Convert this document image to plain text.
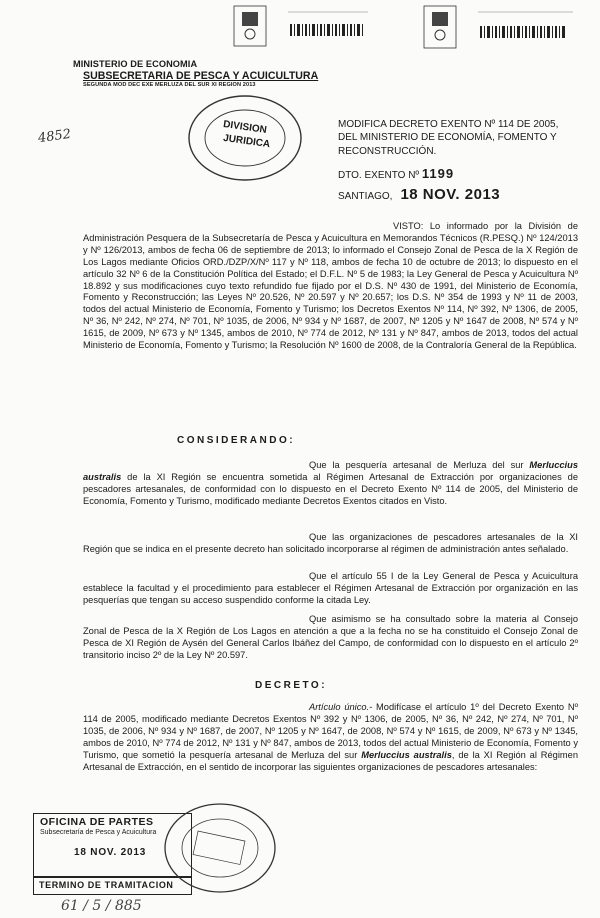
MINISTERIO DE ECONOMIA
SUBSECRETARIA DE PESCA Y ACUICULTURA
SEGUNDA MOD DEC EXE MERLUZA DEL SUR XI REGION 2013
4852	DIVISION
JURIDICA
MODIFICA DECRETO EXENTO Nº 114 DE 2005, DEL MINISTERIO DE ECONOMÍA, FOMENTO Y RECONSTRUCCIÓN.
DTO. EXENTO Nº 1199
SANTIAGO, 18 NOV. 2013

VISTO: Lo informado por la División de Administración Pesquera de la Subsecretaría de Pesca y Acuicultura en Memorandos Técnicos (R.PESQ.) Nº 124/2013 y Nº 126/2013, ambos de fecha 06 de septiembre de 2013; lo informado el Consejo Zonal de Pesca de la X Región de Los Lagos mediante Oficios ORD./DZP/X/Nº 117 y Nº 118, ambos de fecha 10 de octubre de 2013; lo dispuesto en el artículo 32 Nº 6 de la Constitución Política del Estado; el D.F.L. Nº 5 de 1983; la Ley General de Pesca y Acuicultura Nº 18.892 y sus modificaciones cuyo texto refundido fue fijado por el D.S. Nº 430 de 1991, del Ministerio de Economía, Fomento y Reconstrucción; las Leyes Nº 20.526, Nº 20.597 y Nº 20.657; los D.S. Nº 354 de 1993 y Nº 11 de 2003, todos del actual Ministerio de Economía, Fomento y Turismo; los Decretos Exentos Nº 114, Nº 392, Nº 1306, de 2005, Nº 36, Nº 242, Nº 274, Nº 701, Nº 1035, de 2006, Nº 934 y Nº 1687, de 2007, Nº 1205 y Nº 1647 de 2008, Nº 574 y Nº 1615, de 2009, Nº 673 y Nº 1345, ambos de 2010, Nº 774 de 2012, Nº 131 y Nº 847, ambos de 2013, todos del actual Ministerio de Economía, Fomento y Turismo; la Resolución Nº 1600 de 2008, de la Contraloría General de la República.

CONSIDERANDO:

Que la pesquería artesanal de Merluza del sur Merluccius australis de la XI Región se encuentra sometida al Régimen Artesanal de Extracción por organizaciones de pescadores artesanales, de conformidad con lo dispuesto en el Decreto Exento Nº 114 de 2005, del Ministerio de Economía, Fomento y Turismo, modificado mediante Decretos Exentos citados en Visto.

Que las organizaciones de pescadores artesanales de la XI Región que se indica en el presente decreto han solicitado incorporarse al régimen de administración antes señalado.

Que el artículo 55 I de la Ley General de Pesca y Acuicultura establece la facultad y el procedimiento para establecer el Régimen Artesanal de Extracción por organización en las pesquerías que tengan su acceso suspendido conforme la citada Ley.

Que asimismo se ha consultado sobre la materia al Consejo Zonal de Pesca de la X Región de Los Lagos en atención a que a la fecha no se ha constituido el Consejo Zonal de Pesca de XI Región de Aysén del General Carlos Ibáñez del Campo, de conformidad con lo dispuesto en el artículo 2º transitorio inciso 2º de la Ley Nº 20.597.

DECRETO:

Artículo único.- Modifícase el artículo 1º del Decreto Exento Nº 114 de 2005, modificado mediante Decretos Exentos Nº 392 y Nº 1306, de 2005, Nº 36, Nº 242, Nº 274, Nº 701, Nº 1035, de 2006, Nº 934 y Nº 1687, de 2007, Nº 1205 y Nº 1647, de 2008, Nº 574 y Nº 1615, de 2009, Nº 673 y Nº 1345, ambos de 2010, Nº 774 de 2012, Nº 131 y Nº 847, ambos de 2013, todos del actual Ministerio de Economía, Fomento y Turismo, que sometió la pesquería artesanal de Merluza del sur Merluccius australis, de la XI Región al Régimen Artesanal de Extracción, en el sentido de incorporar las siguientes organizaciones de pescadores artesanales:

OFICINA DE PARTES
Subsecretaría de Pesca y Acuicultura
18 NOV. 2013
TERMINO DE TRAMITACION
61 / 5 / 885
